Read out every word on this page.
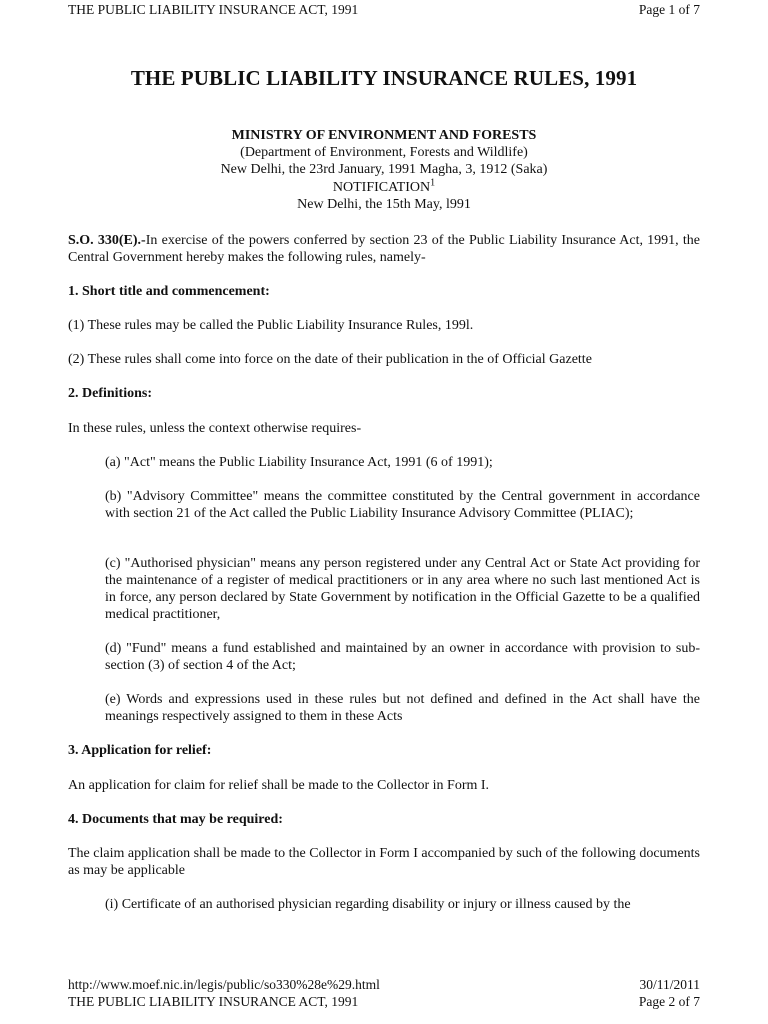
THE PUBLIC LIABILITY INSURANCE ACT, 1991	Page 1 of 7
THE PUBLIC LIABILITY INSURANCE RULES, 1991
MINISTRY OF ENVIRONMENT AND FORESTS
(Department of Environment, Forests and Wildlife)
New Delhi, the 23rd January, 1991 Magha, 3, 1912 (Saka)
NOTIFICATION$^1$
New Delhi, the 15th May, l991
S.O. 330(E).-In exercise of the powers conferred by section 23 of the Public Liability Insurance Act, 1991, the Central Government hereby makes the following rules, namely-
1. Short title and commencement:
(1) These rules may be called the Public Liability Insurance Rules, 199l.
(2) These rules shall come into force on the date of their publication in the of Official Gazette
2. Definitions:
In these rules, unless the context otherwise requires-
(a) "Act" means the Public Liability Insurance Act, 1991 (6 of 1991);
(b) "Advisory Committee" means the committee constituted by the Central government in accordance with section 21 of the Act called the Public Liability Insurance Advisory Committee (PLIAC);
(c) "Authorised physician" means any person registered under any Central Act or State Act providing for the maintenance of a register of medical practitioners or in any area where no such last mentioned Act is in force, any person declared by State Government by notification in the Official Gazette to be a qualified medical practitioner,
(d) "Fund" means a fund established and maintained by an owner in accordance with provision to sub-section (3) of section 4 of the Act;
(e) Words and expressions used in these rules but not defined and defined in the Act shall have the meanings respectively assigned to them in these Acts
3. Application for relief:
An application for claim for relief shall be made to the Collector in Form I.
4. Documents that may be required:
The claim application shall be made to the Collector in Form I accompanied by such of the following documents as may be applicable
(i) Certificate of an authorised physician regarding disability or injury or illness caused by the
http://www.moef.nic.in/legis/public/so330%28e%29.html	30/11/2011
THE PUBLIC LIABILITY INSURANCE ACT, 1991	Page 2 of 7
